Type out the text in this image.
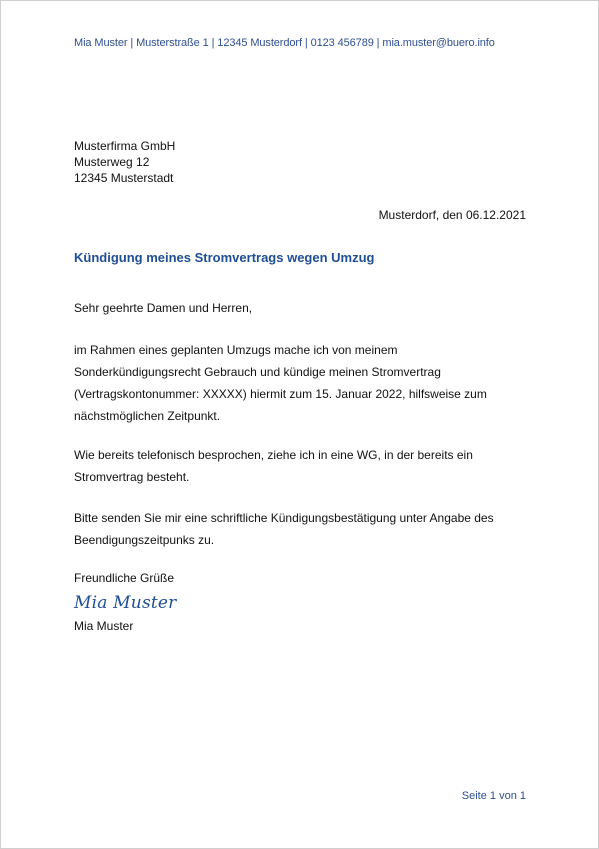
Mia Muster | Musterstraße 1 | 12345 Musterdorf | 0123 456789 | mia.muster@buero.info
Musterfirma GmbH
Musterweg 12
12345 Musterstadt
Musterdorf, den 06.12.2021
Kündigung meines Stromvertrags wegen Umzug
Sehr geehrte Damen und Herren,
im Rahmen eines geplanten Umzugs mache ich von meinem
Sonderkündigungsrecht Gebrauch und kündige meinen Stromvertrag
(Vertragskontonummer: XXXXX) hiermit zum 15. Januar 2022, hilfsweise zum
nächstmöglichen Zeitpunkt.
Wie bereits telefonisch besprochen, ziehe ich in eine WG, in der bereits ein
Stromvertrag besteht.
Bitte senden Sie mir eine schriftliche Kündigungsbestätigung unter Angabe des
Beendigungszeitpunks zu.
Freundliche Grüße
Mia Muster
Mia Muster
Seite 1 von 1
